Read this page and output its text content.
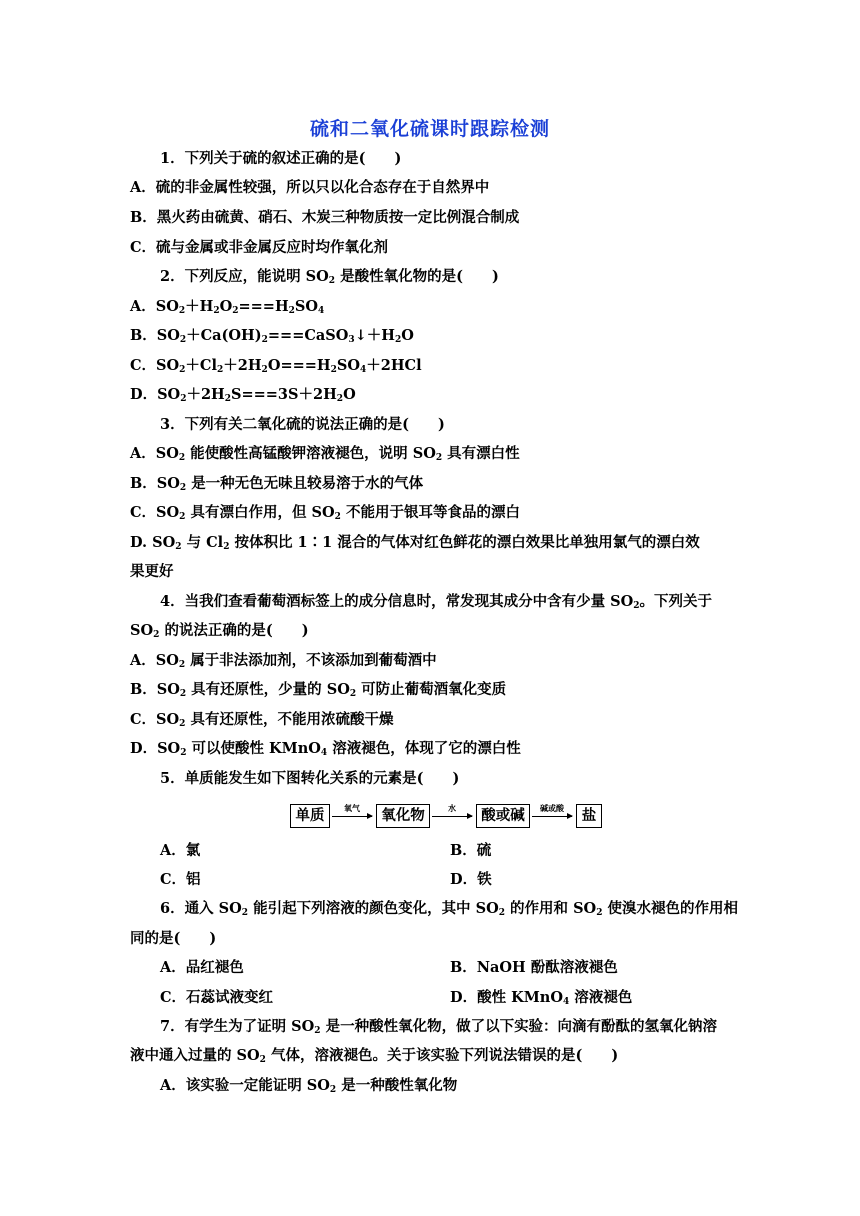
硫和二氧化硫课时跟踪检测
1．下列关于硫的叙述正确的是(　　)
A．硫的非金属性较强，所以只以化合态存在于自然界中
B．黑火药由硫黄、硝石、木炭三种物质按一定比例混合制成
C．硫与金属或非金属反应时均作氧化剂
2．下列反应，能说明 $SO_2$ 是酸性氧化物的是(　　)
A．$SO_2+H_2O_2===H_2SO_4$
B．$SO_2+Ca(OH)_2===CaSO_3↓+H_2O$
C．$SO_2+Cl_2+2H_2O===H_2SO_4+2HCl$
D．$SO_2+2H_2S===3S+2H_2O$
3．下列有关二氧化硫的说法正确的是(　　)
A．$SO_2$ 能使酸性高锰酸钾溶液褪色，说明 $SO_2$ 具有漂白性
B．$SO_2$ 是一种无色无味且较易溶于水的气体
C．$SO_2$ 具有漂白作用，但 $SO_2$ 不能用于银耳等食品的漂白
D. $SO_2$ 与 $Cl_2$ 按体积比 1∶1 混合的气体对红色鲜花的漂白效果比单独用氯气的漂白效
果更好
4．当我们查看葡萄酒标签上的成分信息时，常发现其成分中含有少量 $SO_2$。下列关于
$SO_2$ 的说法正确的是(　　)
A．$SO_2$ 属于非法添加剂，不该添加到葡萄酒中
B．$SO_2$ 具有还原性，少量的 $SO_2$ 可防止葡萄酒氧化变质
C．$SO_2$ 具有还原性，不能用浓硫酸干燥
D．$SO_2$ 可以使酸性 KMnO$_4$ 溶液褪色，体现了它的漂白性
5．单质能发生如下图转化关系的元素是(　　)
单质	氧气	氧化物	水	酸或碱	碱或酸	盐
A．氯	B．硫
C．铝	D．铁
6．通入 $SO_2$ 能引起下列溶液的颜色变化，其中 $SO_2$ 的作用和 $SO_2$ 使溴水褪色的作用相
同的是(　　)
A．品红褪色	B．NaOH 酚酞溶液褪色
C．石蕊试液变红	D．酸性 KMnO$_4$ 溶液褪色
7．有学生为了证明 $SO_2$ 是一种酸性氧化物，做了以下实验：向滴有酚酞的氢氧化钠溶
液中通入过量的 $SO_2$ 气体，溶液褪色。关于该实验下列说法错误的是(　　)
A．该实验一定能证明 $SO_2$ 是一种酸性氧化物
